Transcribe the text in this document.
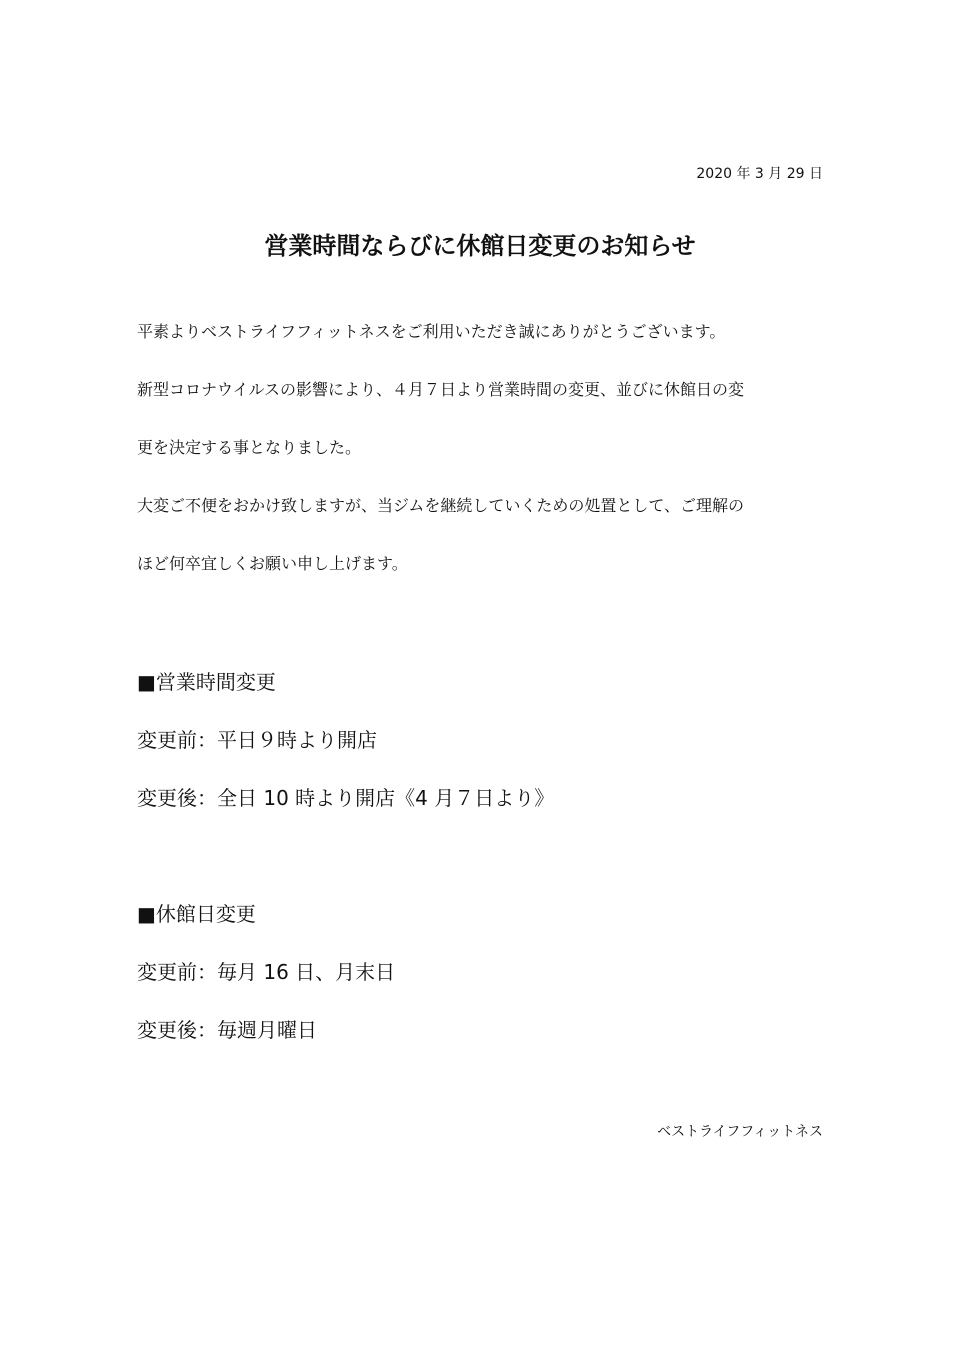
2020 年 3 月 29 日
営業時間ならびに休館日変更のお知らせ
平素よりベストライフフィットネスをご利用いただき誠にありがとうございます。
新型コロナウイルスの影響により、４月７日より営業時間の変更、並びに休館日の変
更を決定する事となりました。
大変ご不便をおかけ致しますが、当ジムを継続していくための処置として、ご理解の
ほど何卒宜しくお願い申し上げます。
■営業時間変更
変更前：平日９時より開店
変更後：全日 10 時より開店《4 月７日より》
■休館日変更
変更前：毎月 16 日、月末日
変更後：毎週月曜日
ベストライフフィットネス
